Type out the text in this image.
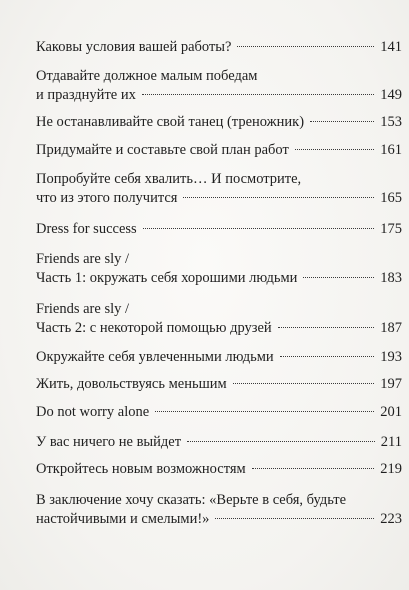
Каковы условия вашей работы?	141
Отдавайте должное малым победам
и празднуйте их	149
Не останавливайте свой танец (треножник)	153
Придумайте и составьте свой план работ	161
Попробуйте себя хвалить… И посмотрите,
что из этого получится	165
Dress for success	175
Friends are sly /
Часть 1: окружать себя хорошими людьми	183
Friends are sly /
Часть 2: с некоторой помощью друзей	187
Окружайте себя увлеченными людьми	193
Жить, довольствуясь меньшим	197
Do not worry alone	201
У вас ничего не выйдет	211
Откройтесь новым возможностям	219
В заключение хочу сказать: «Верьте в себя, будьте
настойчивыми и смелыми!»	223
